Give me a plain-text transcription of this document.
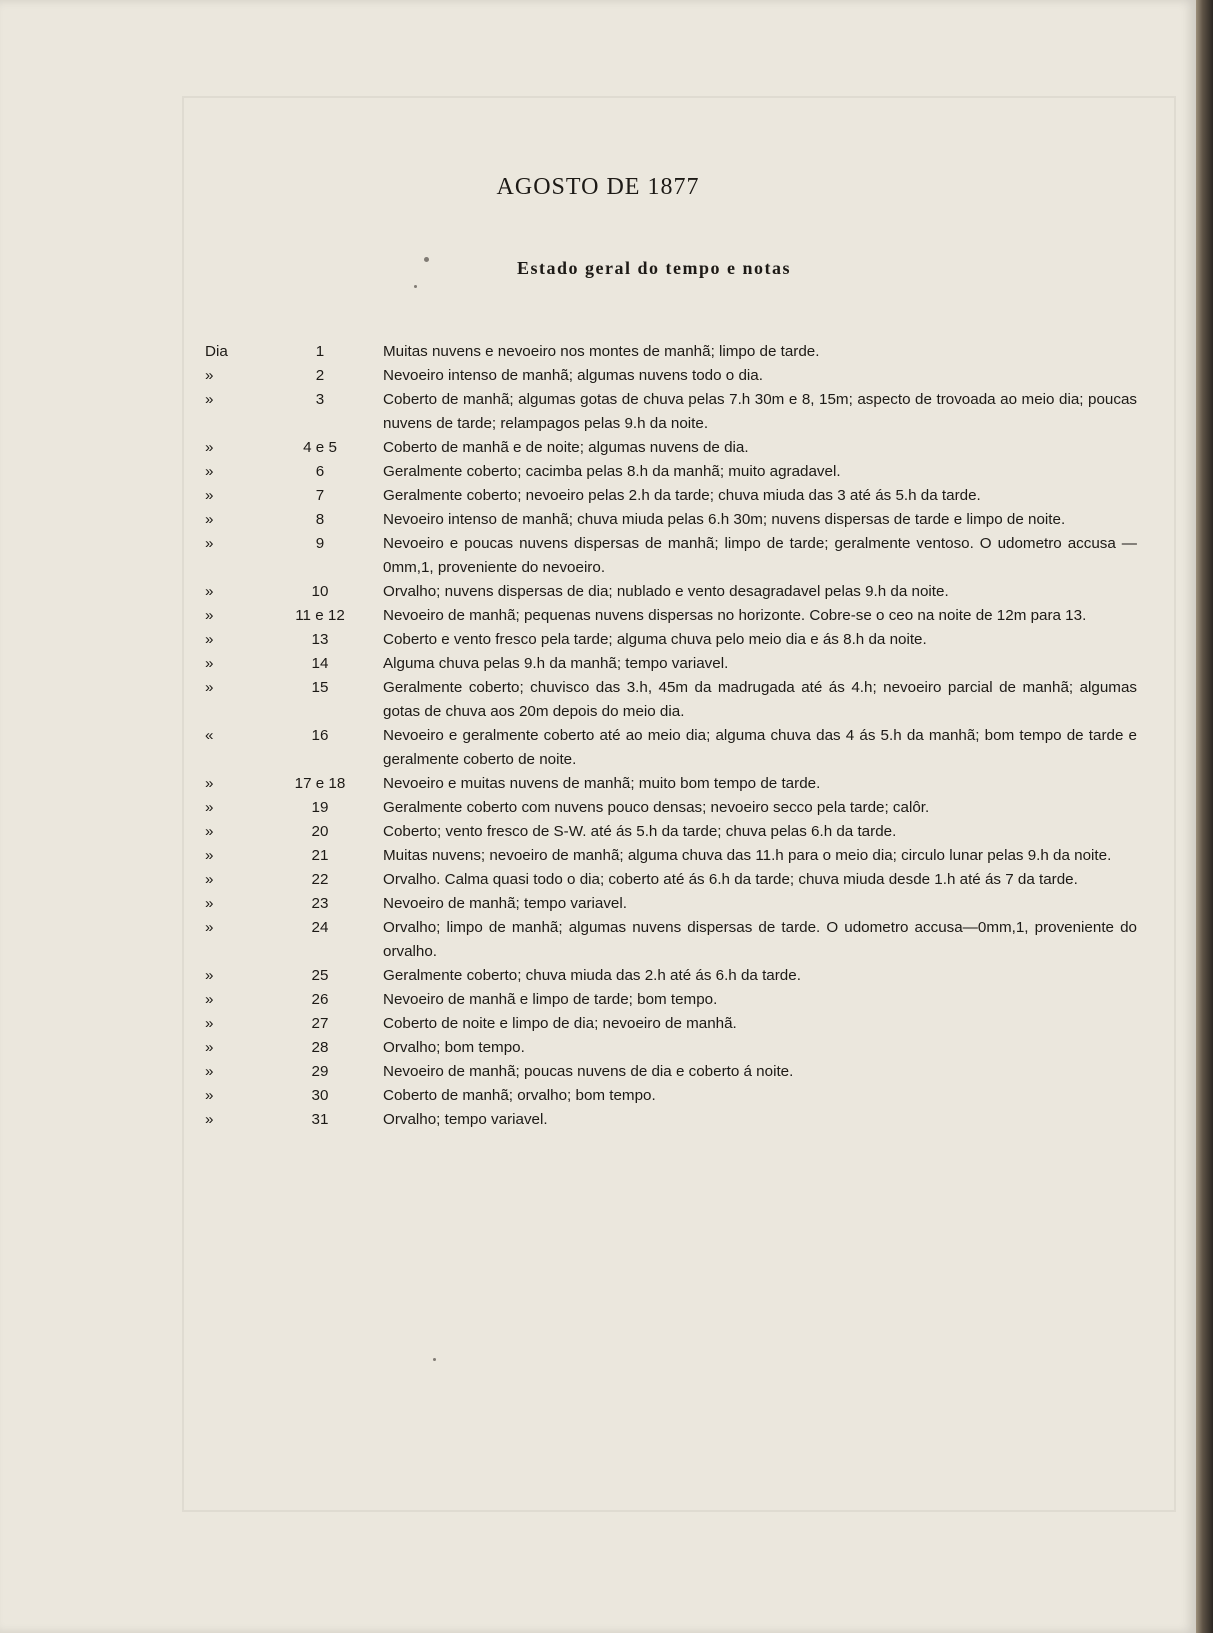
AGOSTO DE 1877
Estado geral do tempo e notas
Dia	1	Muitas nuvens e nevoeiro nos montes de manhã; limpo de tarde.
»	2	Nevoeiro intenso de manhã; algumas nuvens todo o dia.
»	3	Coberto de manhã; algumas gotas de chuva pelas 7.h 30m e 8, 15m; aspecto de trovoada ao meio dia; poucas nuvens de tarde; relampagos pelas 9.h da noite.
»	4 e 5	Coberto de manhã e de noite; algumas nuvens de dia.
»	6	Geralmente coberto; cacimba pelas 8.h da manhã; muito agradavel.
»	7	Geralmente coberto; nevoeiro pelas 2.h da tarde; chuva miuda das 3 até ás 5.h da tarde.
»	8	Nevoeiro intenso de manhã; chuva miuda pelas 6.h 30m; nuvens dispersas de tarde e limpo de noite.
»	9	Nevoeiro e poucas nuvens dispersas de manhã; limpo de tarde; geralmente ventoso. O udometro accusa —0mm,1, proveniente do nevoeiro.
»	10	Orvalho; nuvens dispersas de dia; nublado e vento desagradavel pelas 9.h da noite.
»	11 e 12	Nevoeiro de manhã; pequenas nuvens dispersas no horizonte. Cobre-se o ceo na noite de 12m para 13.
»	13	Coberto e vento fresco pela tarde; alguma chuva pelo meio dia e ás 8.h da noite.
»	14	Alguma chuva pelas 9.h da manhã; tempo variavel.
»	15	Geralmente coberto; chuvisco das 3.h, 45m da madrugada até ás 4.h; nevoeiro parcial de manhã; algumas gotas de chuva aos 20m depois do meio dia.
«	16	Nevoeiro e geralmente coberto até ao meio dia; alguma chuva das 4 ás 5.h da manhã; bom tempo de tarde e geralmente coberto de noite.
»	17 e 18	Nevoeiro e muitas nuvens de manhã; muito bom tempo de tarde.
»	19	Geralmente coberto com nuvens pouco densas; nevoeiro secco pela tarde; calôr.
»	20	Coberto; vento fresco de S-W. até ás 5.h da tarde; chuva pelas 6.h da tarde.
»	21	Muitas nuvens; nevoeiro de manhã; alguma chuva das 11.h para o meio dia; circulo lunar pelas 9.h da noite.
»	22	Orvalho. Calma quasi todo o dia; coberto até ás 6.h da tarde; chuva miuda desde 1.h até ás 7 da tarde.
»	23	Nevoeiro de manhã; tempo variavel.
»	24	Orvalho; limpo de manhã; algumas nuvens dispersas de tarde. O udometro accusa—0mm,1, proveniente do orvalho.
»	25	Geralmente coberto; chuva miuda das 2.h até ás 6.h da tarde.
»	26	Nevoeiro de manhã e limpo de tarde; bom tempo.
»	27	Coberto de noite e limpo de dia; nevoeiro de manhã.
»	28	Orvalho; bom tempo.
»	29	Nevoeiro de manhã; poucas nuvens de dia e coberto á noite.
»	30	Coberto de manhã; orvalho; bom tempo.
»	31	Orvalho; tempo variavel.
